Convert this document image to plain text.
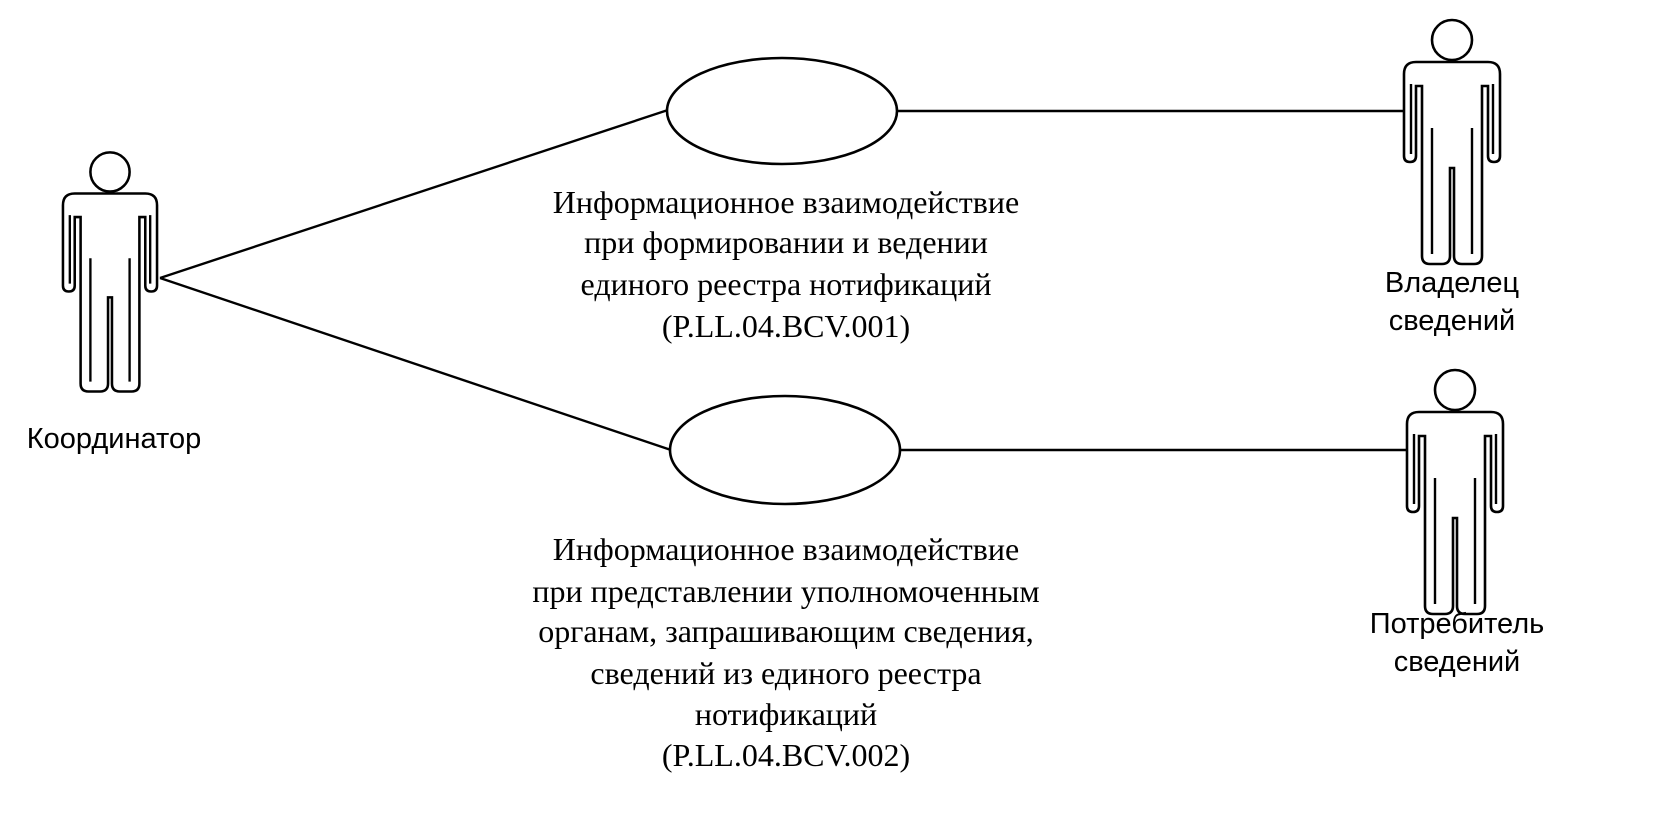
Координатор
Владелец
сведений
Потребитель
сведений
Информационное взаимодействие
при формировании и ведении
единого реестра нотификаций
(P.LL.04.BCV.001)
Информационное взаимодействие
при представлении уполномоченным
органам, запрашивающим сведения,
сведений из единого реестра
нотификаций
(P.LL.04.BCV.002)
